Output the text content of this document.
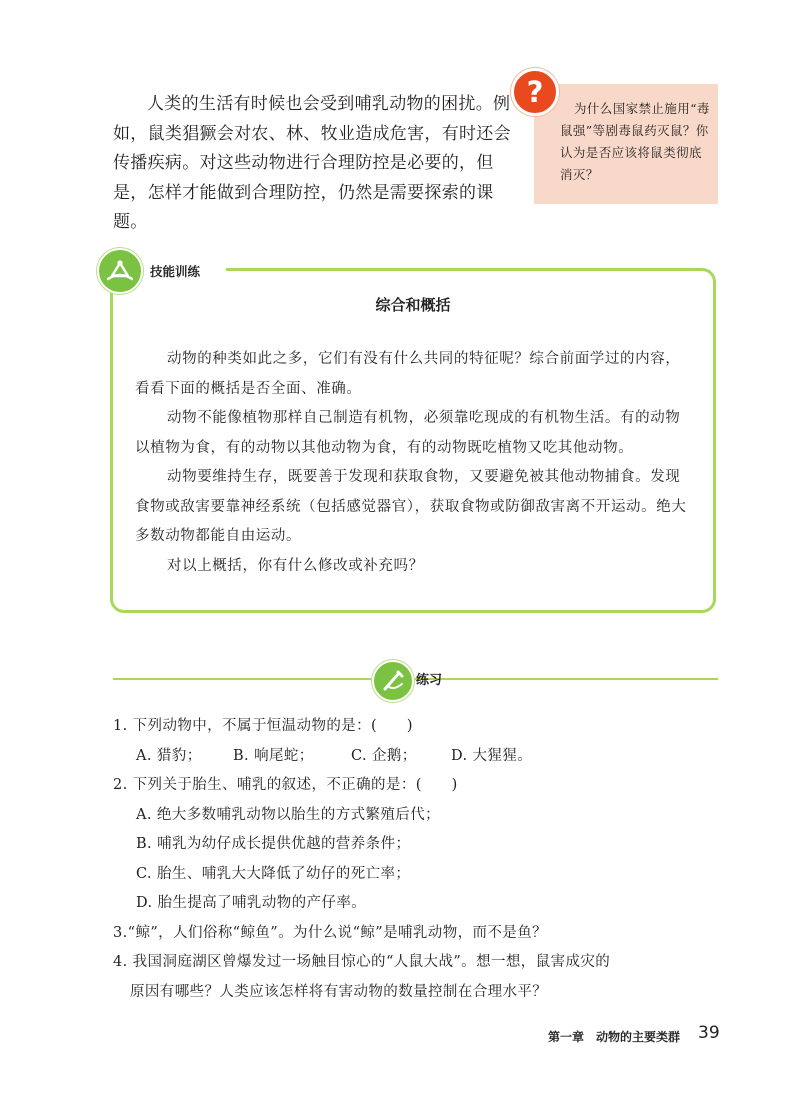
人类的生活有时候也会受到哺乳动物的困扰。例如，鼠类猖獗会对农、林、牧业造成危害，有时还会传播疾病。对这些动物进行合理防控是必要的，但是，怎样才能做到合理防控，仍然是需要探索的课题。

?	为什么国家禁止施用“毒鼠强”等剧毒鼠药灭鼠？你认为是否应该将鼠类彻底消灭？

技能训练

综合和概括

动物的种类如此之多，它们有没有什么共同的特征呢？综合前面学过的内容，看看下面的概括是否全面、准确。

动物不能像植物那样自己制造有机物，必须靠吃现成的有机物生活。有的动物以植物为食，有的动物以其他动物为食，有的动物既吃植物又吃其他动物。

动物要维持生存，既要善于发现和获取食物，又要避免被其他动物捕食。发现食物或敌害要靠神经系统（包括感觉器官），获取食物或防御敌害离不开运动。绝大多数动物都能自由运动。

对以上概括，你有什么修改或补充吗？

练习

1. 下列动物中，不属于恒温动物的是：(　　)

A. 猎豹；	B. 响尾蛇；	C. 企鹅；	D. 大猩猩。

2. 下列关于胎生、哺乳的叙述，不正确的是：(　　)

A. 绝大多数哺乳动物以胎生的方式繁殖后代；

B. 哺乳为幼仔成长提供优越的营养条件；

C. 胎生、哺乳大大降低了幼仔的死亡率；

D. 胎生提高了哺乳动物的产仔率。

3.“鲸”，人们俗称“鲸鱼”。为什么说“鲸”是哺乳动物，而不是鱼？

4. 我国洞庭湖区曾爆发过一场触目惊心的“人鼠大战”。想一想，鼠害成灾的

原因有哪些？人类应该怎样将有害动物的数量控制在合理水平？

第一章　动物的主要类群 39
